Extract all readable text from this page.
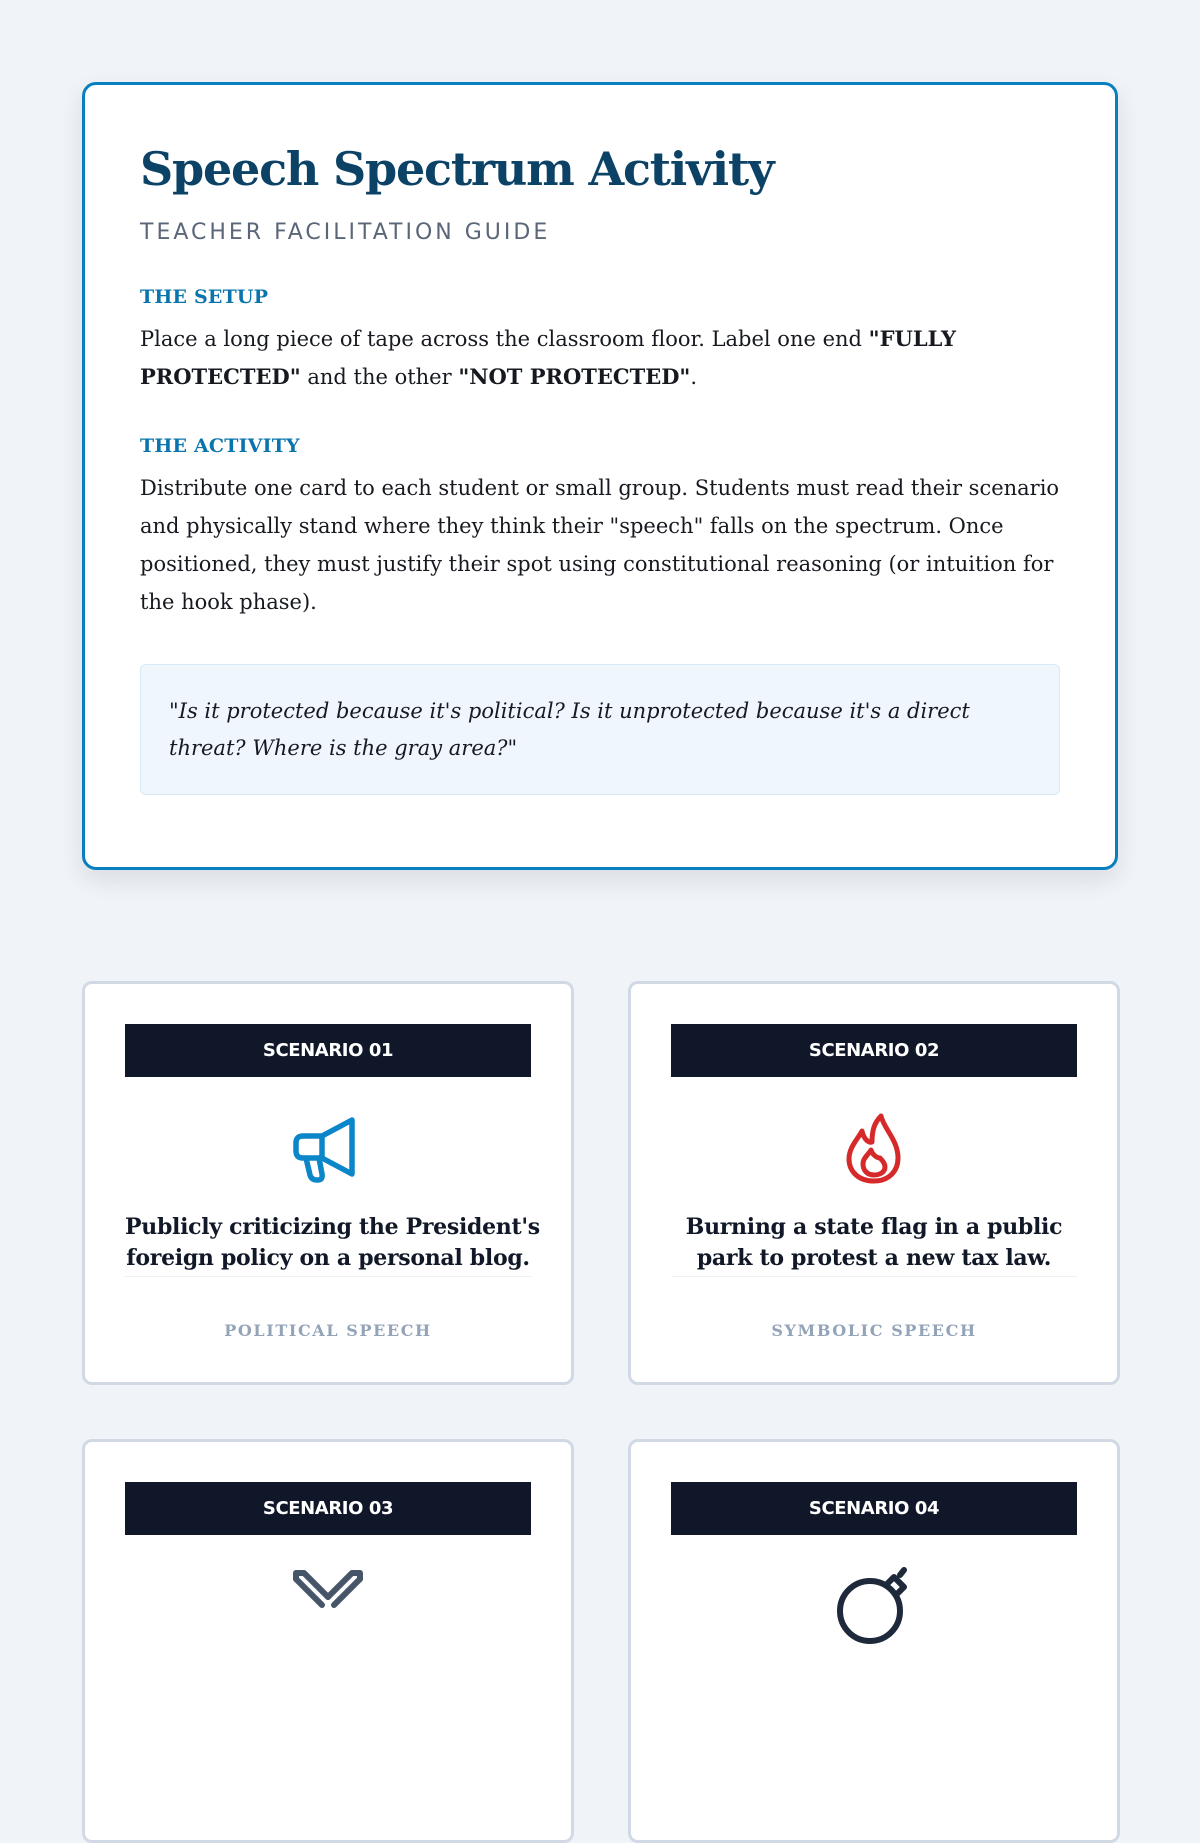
Speech Spectrum Activity
TEACHER FACILITATION GUIDE
THE SETUP
Place a long piece of tape across the classroom floor. Label one end "FULLY PROTECTED" and the other "NOT PROTECTED".
THE ACTIVITY
Distribute one card to each student or small group. Students must read their scenario and physically stand where they think their "speech" falls on the spectrum. Once positioned, they must justify their spot using constitutional reasoning (or intuition for the hook phase).
"Is it protected because it's political? Is it unprotected because it's a direct threat? Where is the gray area?"
SCENARIO 01
Publicly criticizing the President's
foreign policy on a personal blog.
POLITICAL SPEECH
SCENARIO 02
Burning a state flag in a public
park to protest a new tax law.
SYMBOLIC SPEECH
SCENARIO 03	SCENARIO 04
